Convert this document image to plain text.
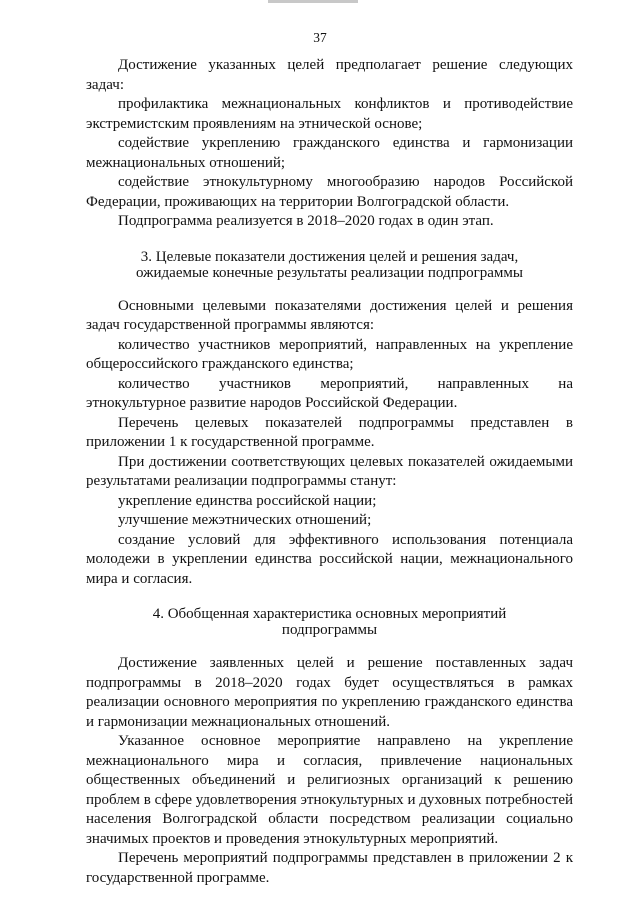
37

Достижение указанных целей предполагает решение следующих задач:

профилактика межнациональных конфликтов и противодействие экстремистским проявлениям на этнической основе;

содействие укреплению гражданского единства и гармонизации межнациональных отношений;

содействие этнокультурному многообразию народов Российской Федерации, проживающих на территории Волгоградской области.

Подпрограмма реализуется в 2018–2020 годах в один этап.

3. Целевые показатели достижения целей и решения задач,
ожидаемые конечные результаты реализации подпрограммы

Основными целевыми показателями достижения целей и решения задач государственной программы являются:

количество участников мероприятий, направленных на укрепление общероссийского гражданского единства;

количество участников мероприятий, направленных на этнокультурное развитие народов Российской Федерации.

Перечень целевых показателей подпрограммы представлен в приложении 1 к государственной программе.

При достижении соответствующих целевых показателей ожидаемыми результатами реализации подпрограммы станут:

укрепление единства российской нации;

улучшение межэтнических отношений;

создание условий для эффективного использования потенциала молодежи в укреплении единства российской нации, межнационального мира и согласия.

4. Обобщенная характеристика основных мероприятий
подпрограммы

Достижение заявленных целей и решение поставленных задач подпрограммы в 2018–2020 годах будет осуществляться в рамках реализации основного мероприятия по укреплению гражданского единства и гармонизации межнациональных отношений.

Указанное основное мероприятие направлено на укрепление межнационального мира и согласия, привлечение национальных общественных объединений и религиозных организаций к решению проблем в сфере удовлетворения этнокультурных и духовных потребностей населения Волгоградской области посредством реализации социально значимых проектов и проведения этнокультурных мероприятий.

Перечень мероприятий подпрограммы представлен в приложении 2 к государственной программе.
